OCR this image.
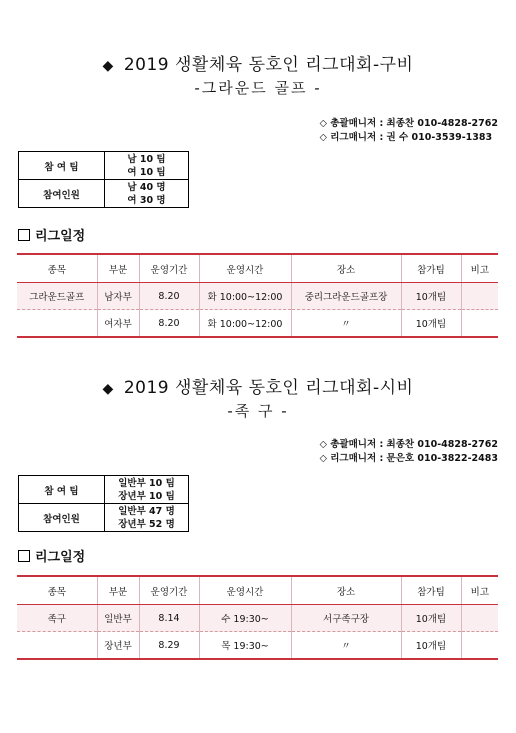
◆ 2019 생활체육 동호인 리그대회-구비
-그라운드 골프 -
◇ 총괄매니저 : 최종찬 010-4828-2762
◇ 리그매니저 : 권 수 010-3539-1383
참 여 팀	남 10 팀
여 10 팀

참여인원	남 40 명
여 30 명
리그일정
종목	부분	운영기간	운영시간	장소	참가팀	비고
그라운드골프	남자부	8.20	화 10:00~12:00	중리그라운드골프장	10개팀	
	여자부	8.20	화 10:00~12:00	〃	10개팀	
◆ 2019 생활체육 동호인 리그대회-시비
-족 구 -
◇ 총괄매니저 : 최종찬 010-4828-2762
◇ 리그매니저 : 문은호 010-3822-2483
참 여 팀	일반부 10 팀
장년부 10 팀

참여인원	일반부 47 명
장년부 52 명
리그일정
종목	부분	운영기간	운영시간	장소	참가팀	비고
족구	일반부	8.14	수 19:30~	서구족구장	10개팀	
	장년부	8.29	목 19:30~	〃	10개팀	
